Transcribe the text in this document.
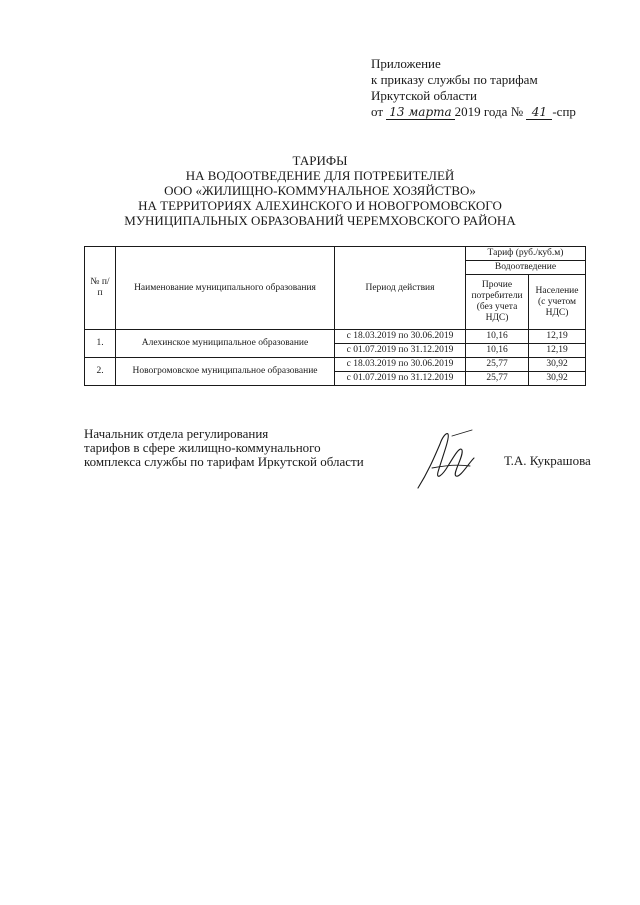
Приложение
к приказу службы по тарифам
Иркутской области
от 13 марта 2019 года № 41 -спр
ТАРИФЫ
НА ВОДООТВЕДЕНИЕ ДЛЯ ПОТРЕБИТЕЛЕЙ
ООО «ЖИЛИЩНО-КОММУНАЛЬНОЕ ХОЗЯЙСТВО»
НА ТЕРРИТОРИЯХ АЛЕХИНСКОГО И НОВОГРОМОВСКОГО
МУНИЦИПАЛЬНЫХ ОБРАЗОВАНИЙ ЧЕРЕМХОВСКОГО РАЙОНА
№ п/п	Наименование муниципального образования	Период действия	Тариф (руб./куб.м)	
			Водоотведение	
			Прочие потребители (без учета НДС)	Население (с учетом НДС)
1.	Алехинское муниципальное образование	с 18.03.2019 по 30.06.2019	10,16	12,19
		с 01.07.2019 по 31.12.2019	10,16	12,19
2.	Новогромовское муниципальное образование	с 18.03.2019 по 30.06.2019	25,77	30,92
		с 01.07.2019 по 31.12.2019	25,77	30,92
Начальник отдела регулирования
тарифов в сфере жилищно-коммунального
комплекса службы по тарифам Иркутской области	Т.А. Кукрашова
